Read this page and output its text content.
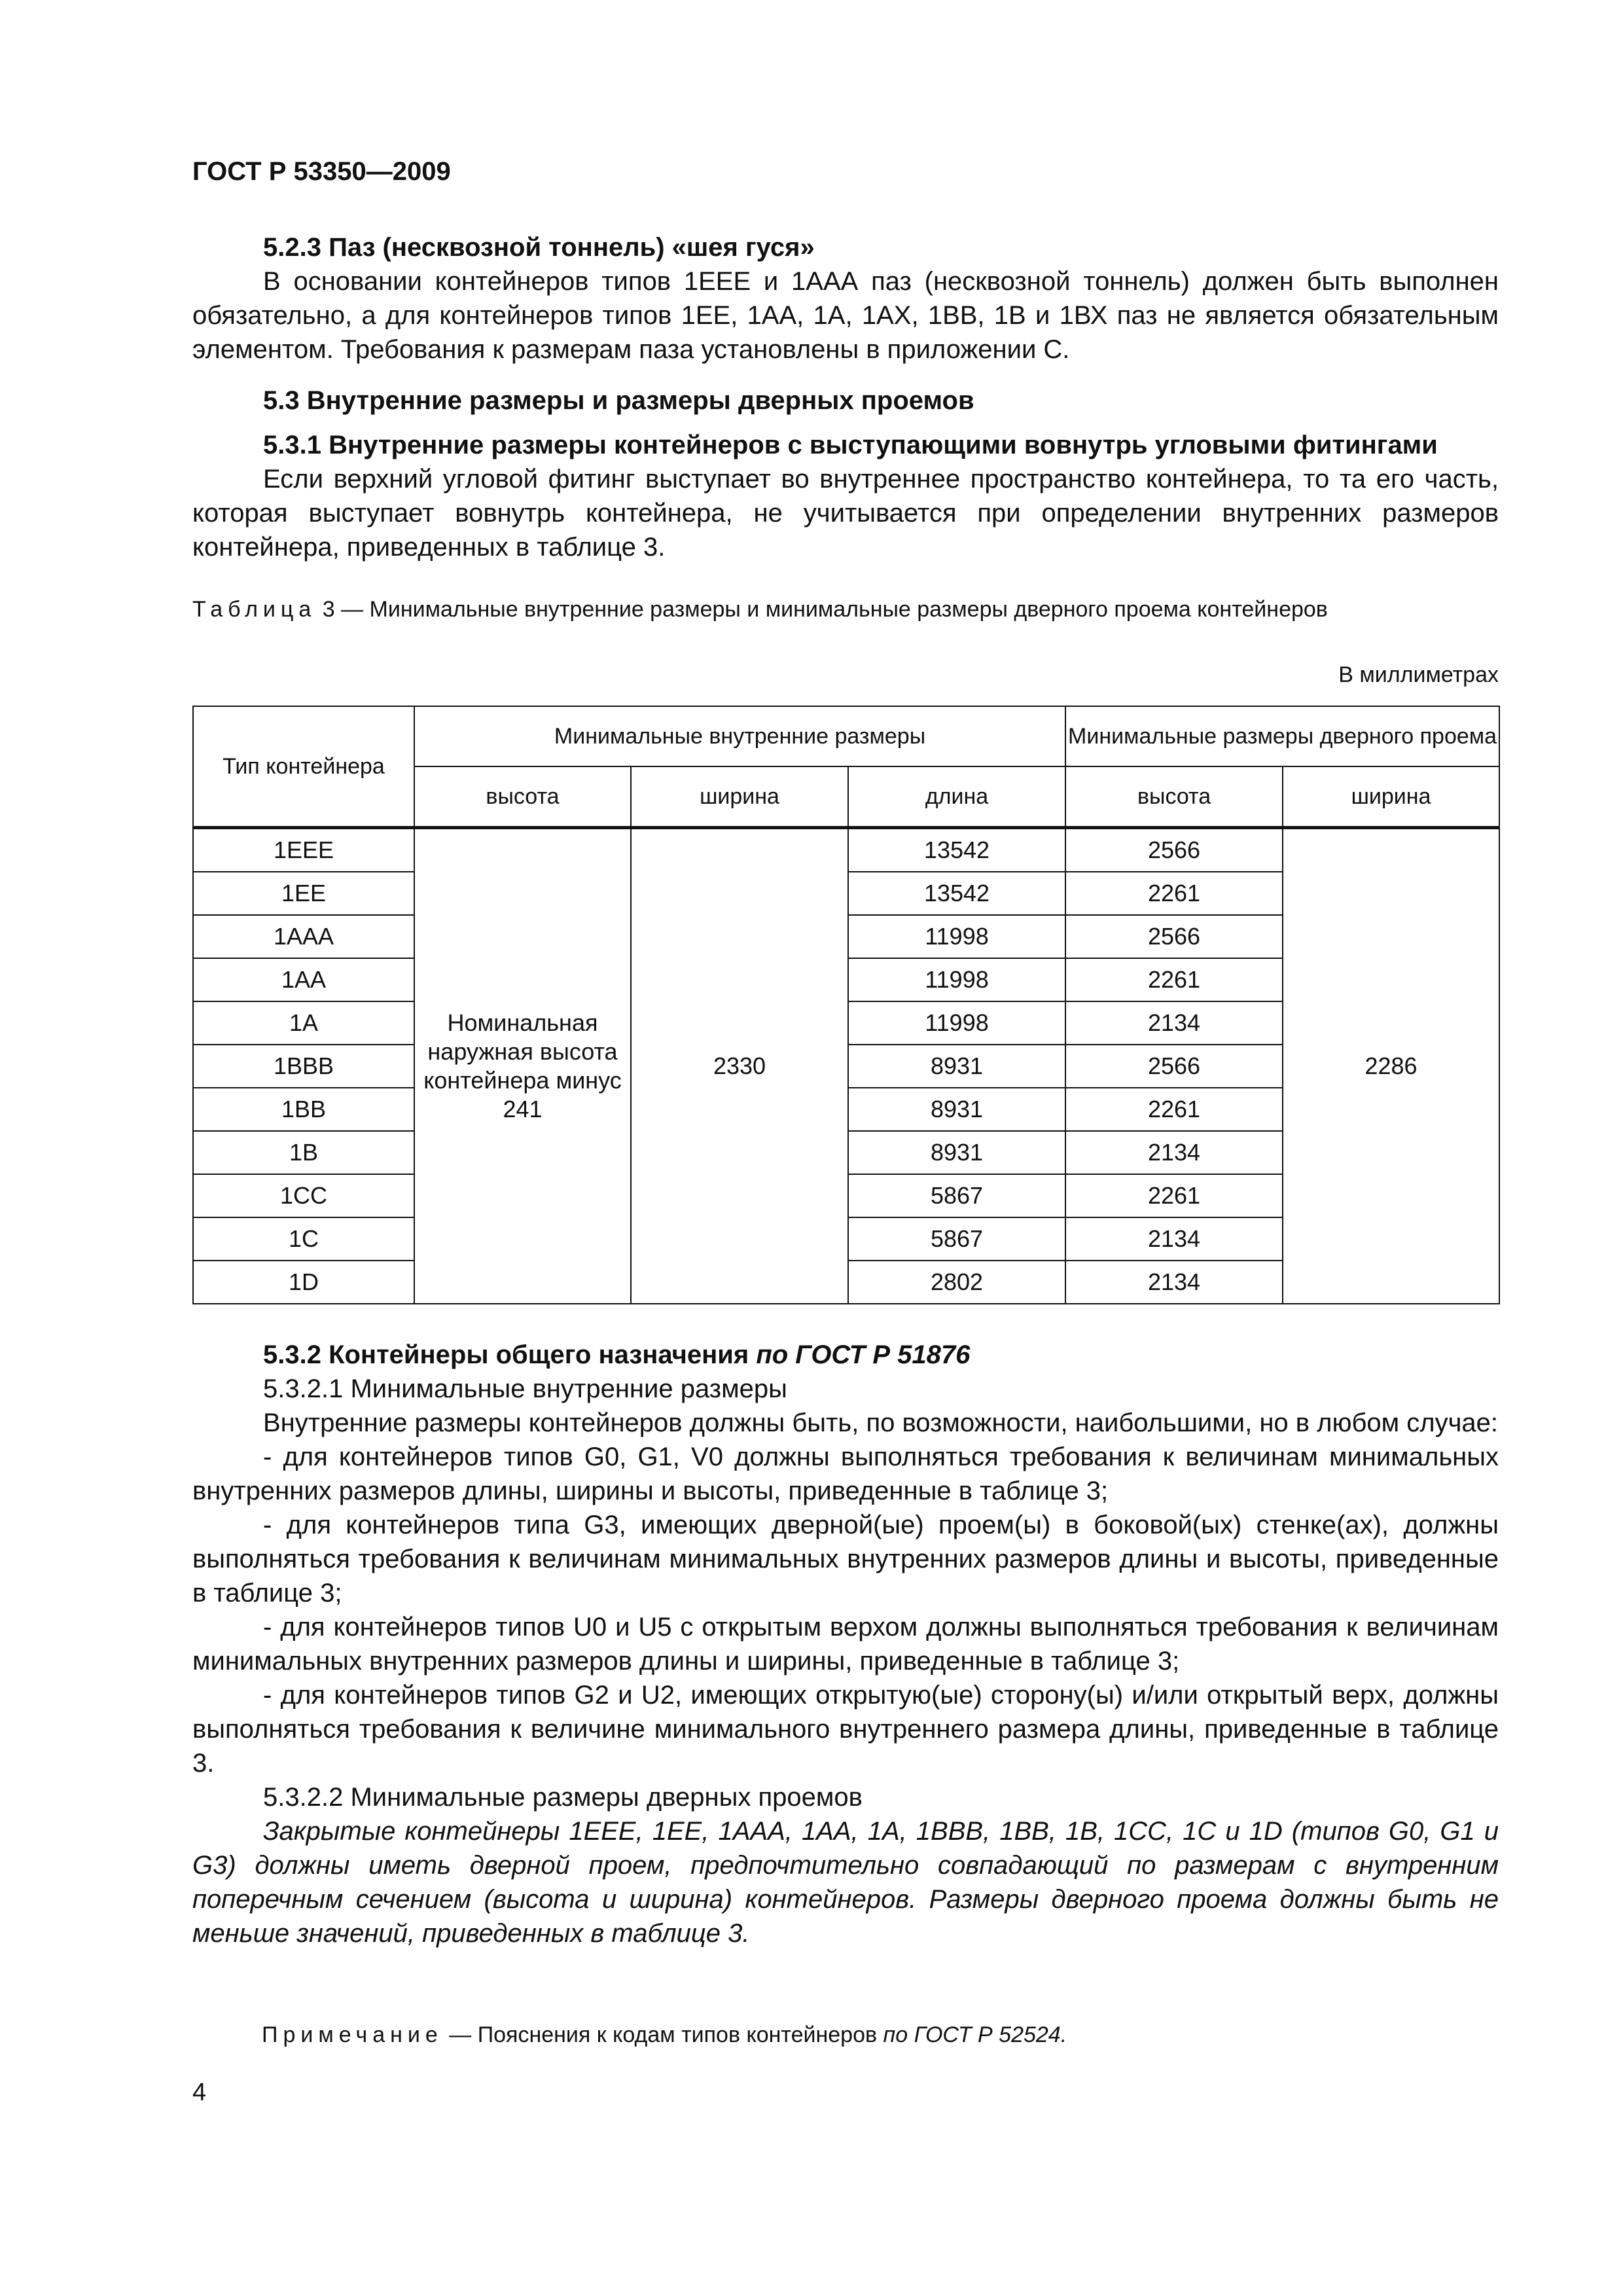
ГОСТ Р 53350—2009
5.2.3 Паз (несквозной тоннель) «шея гуся»
В основании контейнеров типов 1ЕЕЕ и 1ААА паз (несквозной тоннель) должен быть выполнен обязательно, а для контейнеров типов 1ЕЕ, 1АА, 1А, 1АХ, 1ВВ, 1В и 1ВХ паз не является обязательным элементом. Требования к размерам паза установлены в приложении С.
5.3 Внутренние размеры и размеры дверных проемов
5.3.1 Внутренние размеры контейнеров с выступающими вовнутрь угловыми фитингами
Если верхний угловой фитинг выступает во внутреннее пространство контейнера, то та его часть, которая выступает вовнутрь контейнера, не учитывается при определении внутренних размеров контейнера, приведенных в таблице 3.
Таблица 3 — Минимальные внутренние размеры и минимальные размеры дверного проема контейнеров
В миллиметрах
Тип контейнера	Минимальные внутренние размеры			Минимальные размеры дверного проема	
	высота	ширина	длина	высота	ширина
1ЕЕЕ	Номинальная наружная высота контейнера минус 241	2330	13542	2566	2286
1ЕЕ			13542	2261	
1ААА			11998	2566	
1АА			11998	2261	
1А			11998	2134	
1ВВВ			8931	2566	
1ВВ			8931	2261	
1В			8931	2134	
1СС			5867	2261	
1С			5867	2134	
1D			2802	2134	
5.3.2 Контейнеры общего назначения по ГОСТ Р 51876
5.3.2.1 Минимальные внутренние размеры
Внутренние размеры контейнеров должны быть, по возможности, наибольшими, но в любом случае:
- для контейнеров типов G0, G1, V0 должны выполняться требования к величинам минимальных внутренних размеров длины, ширины и высоты, приведенные в таблице 3;
- для контейнеров типа G3, имеющих дверной(ые) проем(ы) в боковой(ых) стенке(ах), должны выполняться требования к величинам минимальных внутренних размеров длины и высоты, приведенные в таблице 3;
- для контейнеров типов U0 и U5 с открытым верхом должны выполняться требования к величинам минимальных внутренних размеров длины и ширины, приведенные в таблице 3;
- для контейнеров типов G2 и U2, имеющих открытую(ые) сторону(ы) и/или открытый верх, должны выполняться требования к величине минимального внутреннего размера длины, приведенные в таблице 3.
5.3.2.2 Минимальные размеры дверных проемов
Закрытые контейнеры 1ЕЕЕ, 1ЕЕ, 1ААА, 1АА, 1А, 1ВВВ, 1ВВ, 1В, 1СС, 1С и 1D (типов G0, G1 и G3) должны иметь дверной проем, предпочтительно совпадающий по размерам с внутренним поперечным сечением (высота и ширина) контейнеров. Размеры дверного проема должны быть не меньше значений, приведенных в таблице 3.
Примечание — Пояснения к кодам типов контейнеров по ГОСТ Р 52524.
4
